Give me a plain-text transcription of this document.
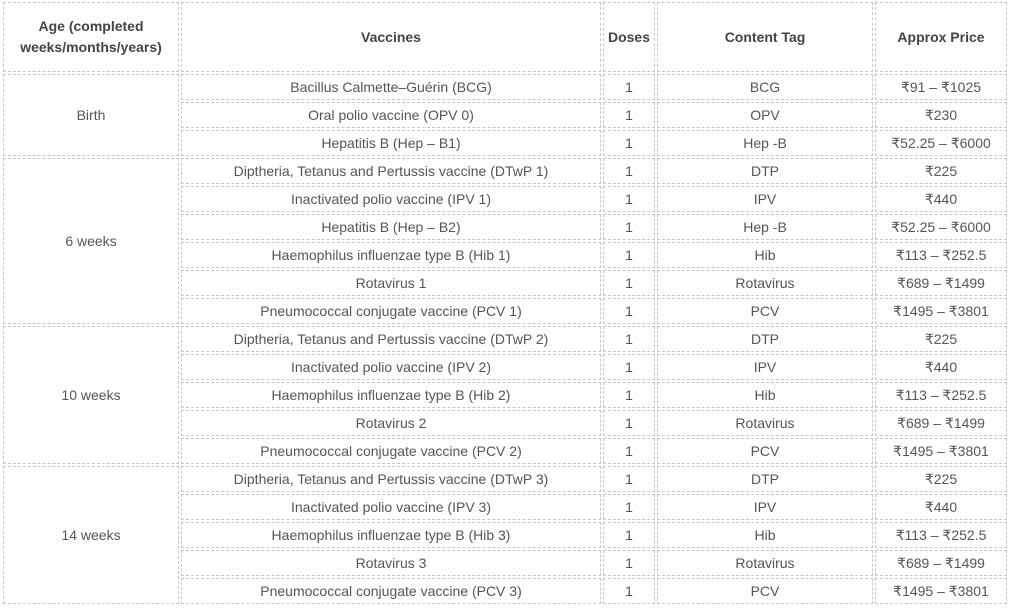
Age (completed weeks/months/years)	Vaccines	Doses	Content Tag	Approx Price
Birth	Bacillus Calmette–Guérin (BCG)	1	BCG	₹91 – ₹1025
	Oral polio vaccine (OPV 0)	1	OPV	₹230
	Hepatitis B (Hep – B1)	1	Hep -B	₹52.25 – ₹6000
6 weeks	Diptheria, Tetanus and Pertussis vaccine (DTwP 1)	1	DTP	₹225
	Inactivated polio vaccine (IPV 1)	1	IPV	₹440
	Hepatitis B (Hep – B2)	1	Hep -B	₹52.25 – ₹6000
	Haemophilus influenzae type B (Hib 1)	1	Hib	₹113 – ₹252.5
	Rotavirus 1	1	Rotavirus	₹689 – ₹1499
	Pneumococcal conjugate vaccine (PCV 1)	1	PCV	₹1495 – ₹3801
10 weeks	Diptheria, Tetanus and Pertussis vaccine (DTwP 2)	1	DTP	₹225
	Inactivated polio vaccine (IPV 2)	1	IPV	₹440
	Haemophilus influenzae type B (Hib 2)	1	Hib	₹113 – ₹252.5
	Rotavirus 2	1	Rotavirus	₹689 – ₹1499
	Pneumococcal conjugate vaccine (PCV 2)	1	PCV	₹1495 – ₹3801
14 weeks	Diptheria, Tetanus and Pertussis vaccine (DTwP 3)	1	DTP	₹225
	Inactivated polio vaccine (IPV 3)	1	IPV	₹440
	Haemophilus influenzae type B (Hib 3)	1	Hib	₹113 – ₹252.5
	Rotavirus 3	1	Rotavirus	₹689 – ₹1499
	Pneumococcal conjugate vaccine (PCV 3)	1	PCV	₹1495 – ₹3801
